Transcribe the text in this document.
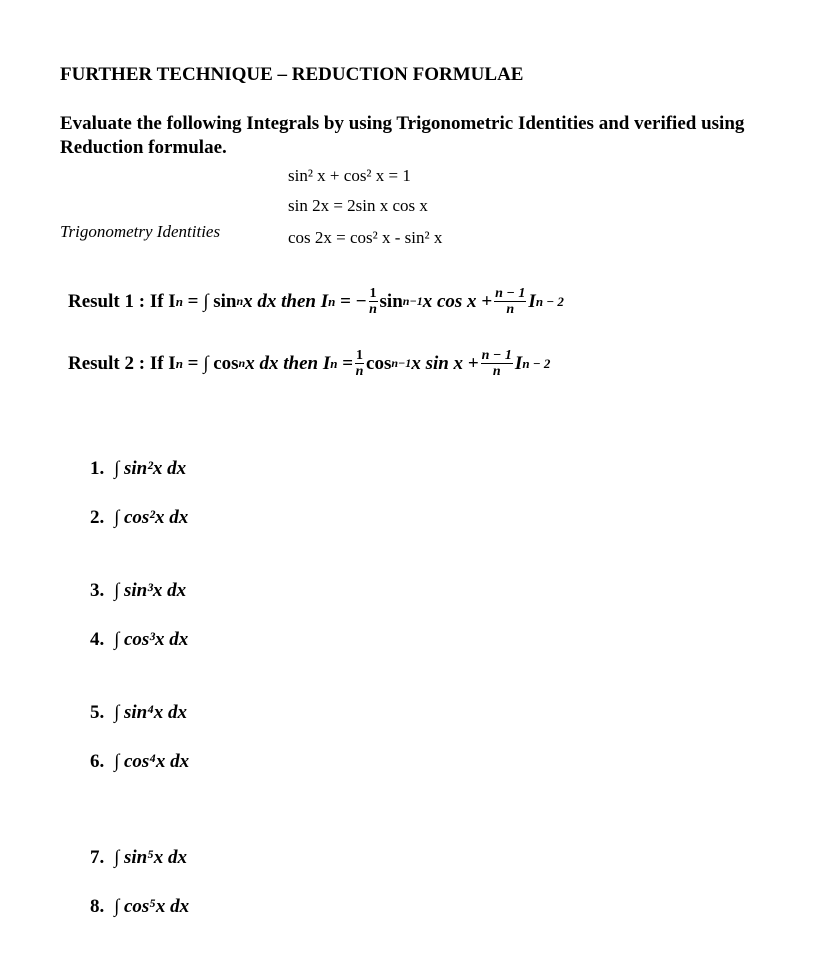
FURTHER TECHNIQUE – REDUCTION FORMULAE
Evaluate the following Integrals by using Trigonometric Identities and verified using Reduction formulae.
sin² x + cos² x = 1
sin 2x = 2sin x cos x
cos 2x = cos² x - sin² x
Trigonometry Identities
Result 1 :
If I n
= ∫ sin n x dx then I n
= − $\frac{1}{n}$ sin n−1 x $\cos x + \frac{n - 1}{n}$ I n − 2
Result 2 :
If I n
= ∫ cos n x dx then I n
= $\frac{1}{n}$ cos n−1 x $\sin x + \frac{n - 1}{n}$ I n − 2
1. ∫ sin²x dx
2. ∫ cos²x dx
3. ∫ sin³x dx
4. ∫ cos³x dx
5. ∫ sin⁴x dx
6. ∫ cos⁴x dx
7. ∫ sin⁵x dx
8. ∫ cos⁵x dx
